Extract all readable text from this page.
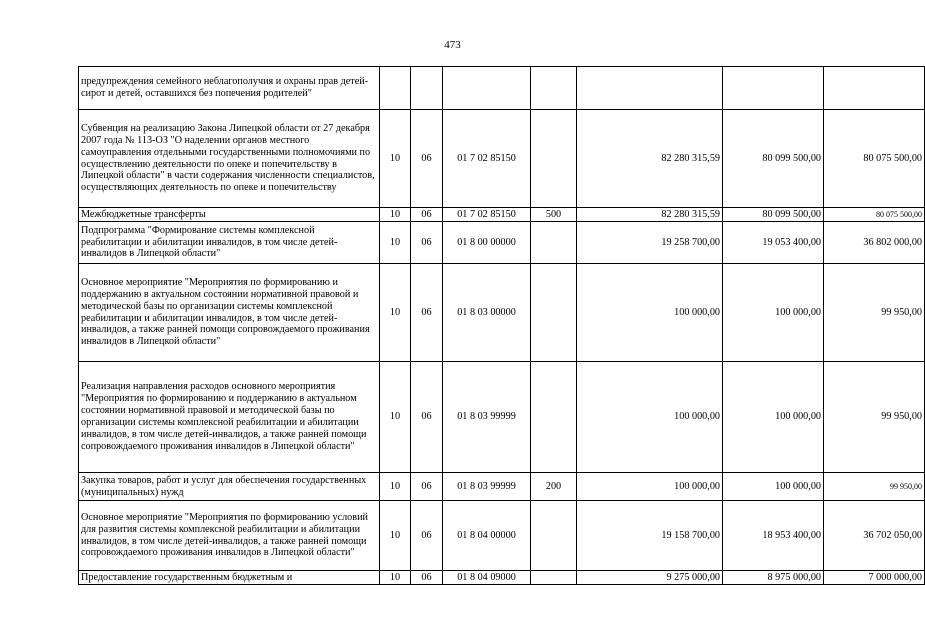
473
предупреждения семейного неблагополучия и охраны прав детей-сирот и детей, оставшихся без попечения родителей"							
Субвенция на реализацию Закона Липецкой области от 27 декабря 2007 года № 113-ОЗ "О наделении органов местного самоуправления отдельными государственными полномочиями по осуществлению деятельности по опеке и попечительству в Липецкой области" в части содержания численности специалистов, осуществляющих деятельность по опеке и попечительству	10	06	01 7 02 85150		82 280 315,59	80 099 500,00	80 075 500,00
Межбюджетные трансферты	10	06	01 7 02 85150	500	82 280 315,59	80 099 500,00	80 075 500,00
Подпрограмма "Формирование системы комплексной реабилитации и абилитации инвалидов, в том числе детей-инвалидов в Липецкой области"	10	06	01 8 00 00000		19 258 700,00	19 053 400,00	36 802 000,00
Основное мероприятие "Мероприятия по формированию и поддержанию в актуальном состоянии нормативной правовой и методической базы по организации системы комплексной реабилитации и абилитации инвалидов, в том числе детей-инвалидов, а также ранней помощи сопровождаемого проживания инвалидов в Липецкой области"	10	06	01 8 03 00000		100 000,00	100 000,00	99 950,00
Реализация направления расходов основного мероприятия "Мероприятия по формированию и поддержанию в актуальном состоянии нормативной правовой и методической базы по организации системы комплексной реабилитации и абилитации инвалидов, в том числе детей-инвалидов, а также ранней помощи сопровождаемого проживания инвалидов в Липецкой области"	10	06	01 8 03 99999		100 000,00	100 000,00	99 950,00
Закупка товаров, работ и услуг для обеспечения государственных (муниципальных) нужд	10	06	01 8 03 99999	200	100 000,00	100 000,00	99 950,00
Основное мероприятие "Мероприятия по формированию условий для развития системы комплексной реабилитации и абилитации инвалидов, в том числе детей-инвалидов, а также ранней помощи сопровождаемого проживания инвалидов в Липецкой области"	10	06	01 8 04 00000		19 158 700,00	18 953 400,00	36 702 050,00
Предоставление государственным бюджетным и	10	06	01 8 04 09000		9 275 000,00	8 975 000,00	7 000 000,00
